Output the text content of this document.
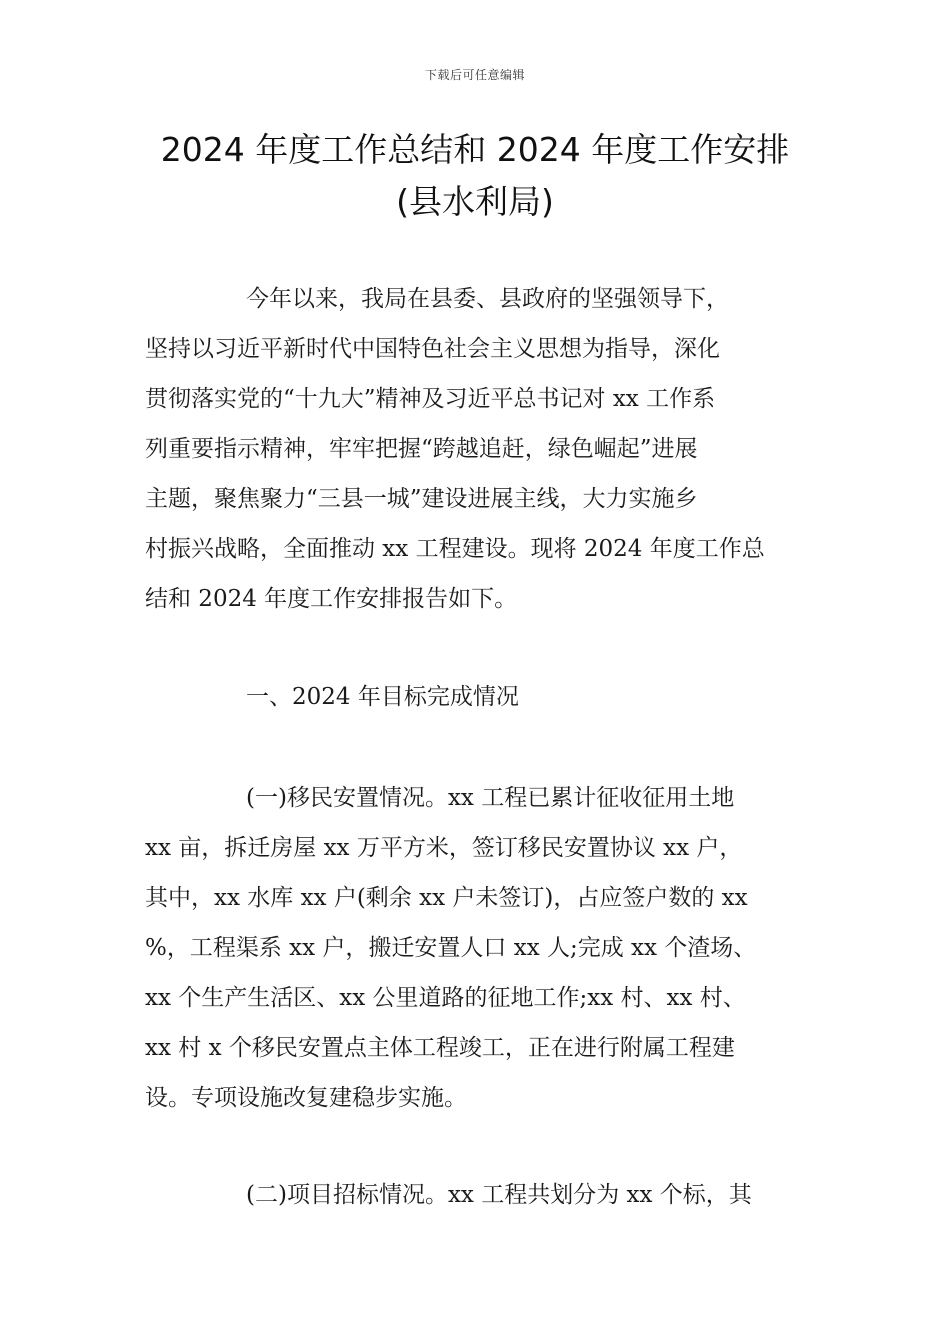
下载后可任意编辑
2024 年度工作总结和 2024 年度工作安排
(县水利局)
今年以来，我局在县委、县政府的坚强领导下，
坚持以习近平新时代中国特色社会主义思想为指导，深化
贯彻落实党的“十九大”精神及习近平总书记对 xx 工作系
列重要指示精神，牢牢把握“跨越追赶，绿色崛起”进展
主题，聚焦聚力“三县一城”建设进展主线，大力实施乡
村振兴战略，全面推动 xx 工程建设。现将 2024 年度工作总
结和 2024 年度工作安排报告如下。
一、2024 年目标完成情况
(一)移民安置情况。xx 工程已累计征收征用土地
xx 亩，拆迁房屋 xx 万平方米，签订移民安置协议 xx 户，
其中，xx 水库 xx 户(剩余 xx 户未签订)，占应签户数的 xx
%，工程渠系 xx 户，搬迁安置人口 xx 人;完成 xx 个渣场、
xx 个生产生活区、xx 公里道路的征地工作;xx 村、xx 村、
xx 村 x 个移民安置点主体工程竣工，正在进行附属工程建
设。专项设施改复建稳步实施。
(二)项目招标情况。xx 工程共划分为 xx 个标，其
